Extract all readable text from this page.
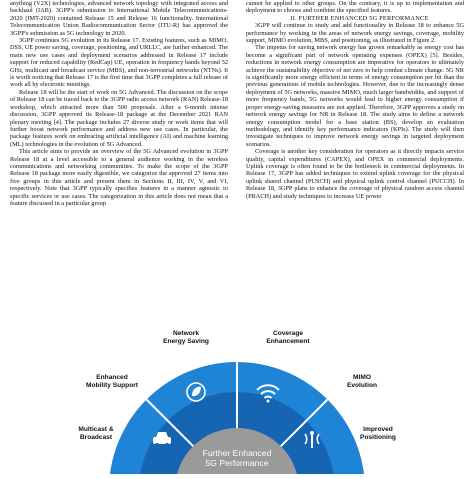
anything (V2X) technologies, advanced network topology with integrated access and backhaul (IAB). 3GPP's submission to International Mobile Telecommunications-2020 (IMT-2020) contained Release 15 and Release 16 functionality. International Telecommunication Union Radiocommunication Sector (ITU-R) has approved the 3GPP's submission as 5G technology in 2020.

3GPP continues 5G evolution in its Release 17. Existing features, such as MIMO, DSS, UE power saving, coverage, positioning, and URLLC, are further enhanced. The main new use cases and deployment scenarios addressed in Release 17 include support for reduced capability (RedCap) UE, operation in frequency bands beyond 52 GHz, multicast and broadcast service (MBS), and non-terrestrial networks (NTNs). It is worth noticing that Release 17 is the first time that 3GPP completes a full release of work all by electronic meetings.

Release 18 will be the start of work on 5G Advanced. The discussion on the scope of Release 18 can be traced back to the 3GPP radio access network (RAN) Release-18 workshop, which attracted more than 500 proposals. After a 6-month intense discussion, 3GPP approved its Release-18 package at the December 2021 RAN plenary meeting [4]. The package includes 27 diverse study or work items that will further boost network performance and address new use cases. In particular, the package features work on embracing artificial intelligence (AI) and machine learning (ML) technologies in the evolution of 5G Advanced.

This article aims to provide an overview of the 5G Advanced evolution in 3GPP Release 18 at a level accessible to a general audience working in the wireless communications and networking communities. To make the scope of the 3GPP Release 18 package more easily digestible, we categorize the approved 27 items into five groups in this article and present them in Sections II, III, IV, V, and VI, respectively. Note that 3GPP typically specifies features in a manner agnostic to specific services or use cases. The categorization in this article does not mean that a feature discussed in a particular group

cannot be applied to other groups. On the contrary, it is up to implementation and deployment to choose and combine the specified features.

II. FURTHER ENHANCED 5G PERFORMANCE

3GPP will continue to study and add functionality in Release 18 to enhance 5G performance by working in the areas of network energy savings, coverage, mobility support, MIMO evolution, MBS, and positioning, as illustrated in Figure 2.

The impetus for saving network energy has grown remarkably as energy cost has become a significant part of network operating expenses (OPEX) [5]. Besides, reductions in network energy consumption are imperative for operators to ultimately achieve the sustainability objective of net zero to help combat climate change. 5G NR is significantly more energy efficient in terms of energy consumption per bit than the previous generations of mobile technologies. However, due to the increasingly dense deployment of 5G networks, massive MIMO, much larger bandwidths, and support of more frequency bands, 5G networks would lead to higher energy consumption if proper energy-saving measures are not applied. Therefore, 3GPP approves a study on network energy savings for NR in Release 18. The study aims to define a network energy consumption model for a base station (BS), develop an evaluation methodology, and identify key performance indicators (KPIs). The study will then investigate techniques to improve network energy savings in targeted deployment scenarios.

Coverage is another key consideration for operators as it directly impacts service quality, capital expenditures (CAPEX), and OPEX in commercial deployments. Uplink coverage is often found to be the bottleneck in commercial deployments. In Release 17, 3GPP has added techniques to extend uplink coverage for the physical uplink shared channel (PUSCH) and physical uplink control channel (PUCCH). In Release 18, 3GPP plans to enhance the coverage of physical random access channel (PRACH) and study techniques to increase UE power

Network
Energy Saving
Coverage
Enhancement
Enhanced
Mobility Support
MIMO
Evolution
Multicast &
Broadcast
Improved
Positioning
Further Enhanced
5G Performance
